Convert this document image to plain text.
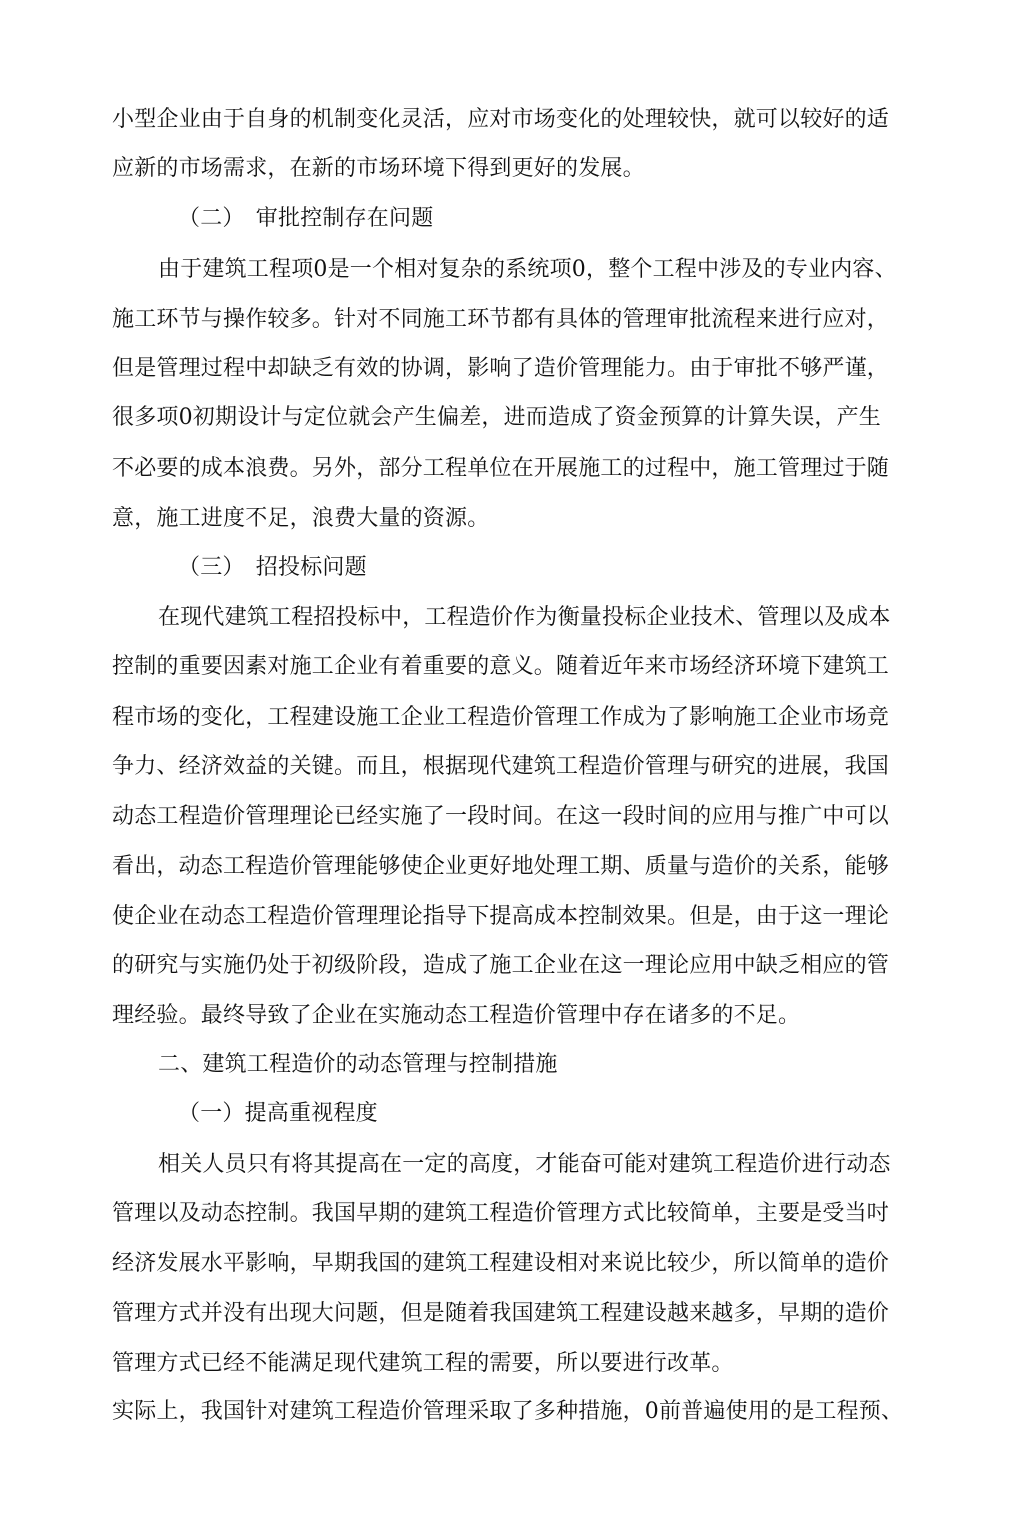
小型企业由于自身的机制变化灵活，应对市场变化的处理较快，就可以较好的适
应新的市场需求，在新的市场环境下得到更好的发展。
（二）　审批控制存在问题
由于建筑工程项0是一个相对复杂的系统项0，整个工程中涉及的专业内容、
施工环节与操作较多。针对不同施工环节都有具体的管理审批流程来进行应对，
但是管理过程中却缺乏有效的协调，影响了造价管理能力。由于审批不够严谨，
很多项0初期设计与定位就会产生偏差，进而造成了资金预算的计算失误，产生
不必要的成本浪费。另外，部分工程单位在开展施工的过程中，施工管理过于随
意，施工进度不足，浪费大量的资源。
（三）　招投标问题
在现代建筑工程招投标中，工程造价作为衡量投标企业技术、管理以及成本
控制的重要因素对施工企业有着重要的意义。随着近年来市场经济环境下建筑工
程市场的变化，工程建设施工企业工程造价管理工作成为了影响施工企业市场竞
争力、经济效益的关键。而且，根据现代建筑工程造价管理与研究的进展，我国
动态工程造价管理理论已经实施了一段时间。在这一段时间的应用与推广中可以
看出，动态工程造价管理能够使企业更好地处理工期、质量与造价的关系，能够
使企业在动态工程造价管理理论指导下提高成本控制效果。但是，由于这一理论
的研究与实施仍处于初级阶段，造成了施工企业在这一理论应用中缺乏相应的管
理经验。最终导致了企业在实施动态工程造价管理中存在诸多的不足。
二、建筑工程造价的动态管理与控制措施
（一）提高重视程度
相关人员只有将其提高在一定的高度，才能奋可能对建筑工程造价进行动态
管理以及动态控制。我国早期的建筑工程造价管理方式比较简单，主要是受当吋
经济发展水平影响，早期我国的建筑工程建设相对来说比较少，所以简单的造价
管理方式并没有出现大问题，但是随着我国建筑工程建设越来越多，早期的造价
管理方式已经不能满足现代建筑工程的需要，所以要进行改革。
实际上，我国针对建筑工程造价管理采取了多种措施，0前普遍使用的是工程预、
